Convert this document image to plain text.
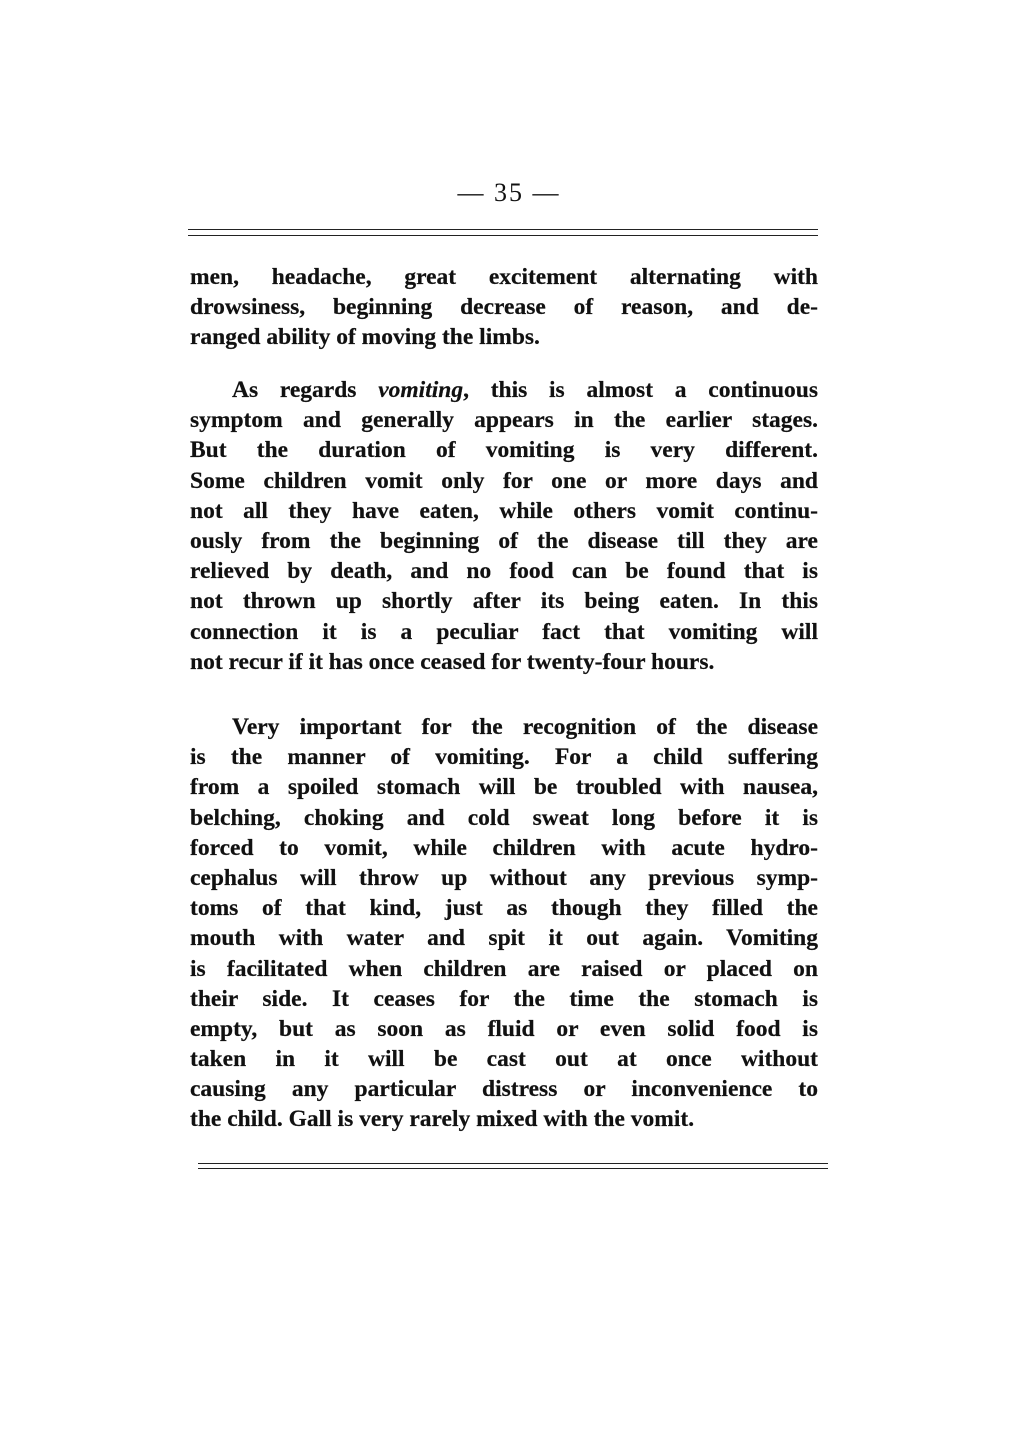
— 35 —
men, headache, great excitement alternating with
drowsiness, beginning decrease of reason, and de-
ranged ability of moving the limbs.
As regards vomiting, this is almost a continuous
symptom and generally appears in the earlier stages.
But the duration of vomiting is very different.
Some children vomit only for one or more days and
not all they have eaten, while others vomit continu-
ously from the beginning of the disease till they are
relieved by death, and no food can be found that is
not thrown up shortly after its being eaten. In this
connection it is a peculiar fact that vomiting will
not recur if it has once ceased for twenty-four hours.
Very important for the recognition of the disease
is the manner of vomiting. For a child suffering
from a spoiled stomach will be troubled with nausea,
belching, choking and cold sweat long before it is
forced to vomit, while children with acute hydro-
cephalus will throw up without any previous symp-
toms of that kind, just as though they filled the
mouth with water and spit it out again. Vomiting
is facilitated when children are raised or placed on
their side. It ceases for the time the stomach is
empty, but as soon as fluid or even solid food is
taken in it will be cast out at once without
causing any particular distress or inconvenience to
the child. Gall is very rarely mixed with the vomit.
